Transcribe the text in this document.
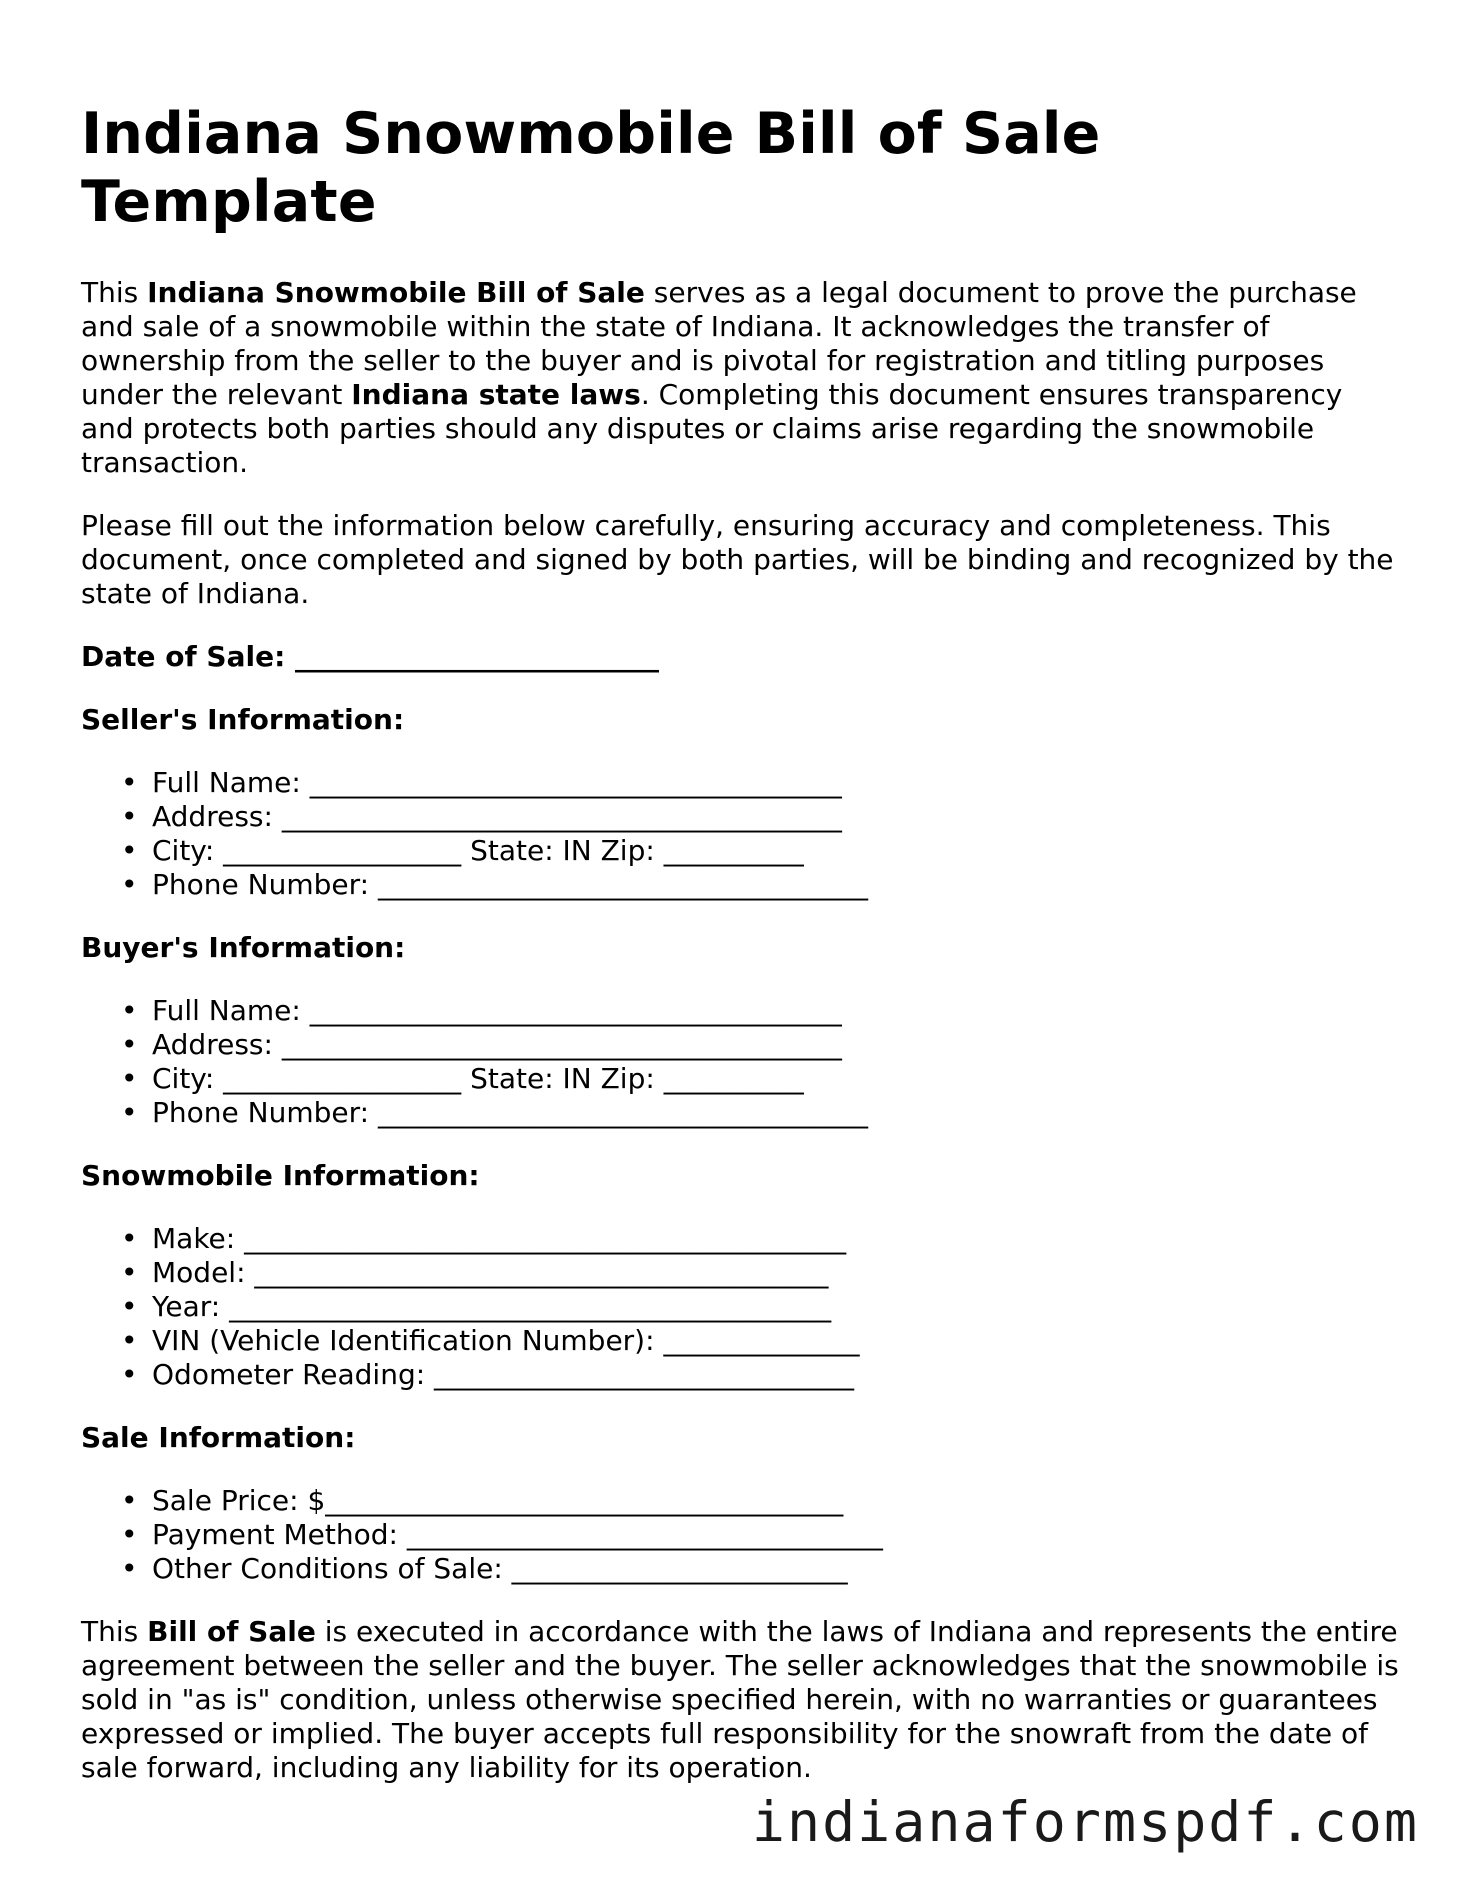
Indiana Snowmobile Bill of Sale Template

This Indiana Snowmobile Bill of Sale serves as a legal document to prove the purchase and sale of a snowmobile within the state of Indiana. It acknowledges the transfer of ownership from the seller to the buyer and is pivotal for registration and titling purposes under the relevant Indiana state laws. Completing this document ensures transparency and protects both parties should any disputes or claims arise regarding the snowmobile transaction.

Please fill out the information below carefully, ensuring accuracy and completeness. This document, once completed and signed by both parties, will be binding and recognized by the state of Indiana.

Date of Sale: __________________________
Seller's Information:
• Full Name: ______________________________________
• Address: ________________________________________
• City: _________________ State: IN Zip: __________
• Phone Number: ___________________________________
Buyer's Information:
• Full Name: ______________________________________
• Address: ________________________________________
• City: _________________ State: IN Zip: __________
• Phone Number: ___________________________________
Snowmobile Information:
• Make: ___________________________________________
• Model: _________________________________________
• Year: ___________________________________________
• VIN (Vehicle Identification Number): ______________
• Odometer Reading: ______________________________
Sale Information:
• Sale Price: $_____________________________________
• Payment Method: __________________________________
• Other Conditions of Sale: ________________________

This Bill of Sale is executed in accordance with the laws of Indiana and represents the entire agreement between the seller and the buyer. The seller acknowledges that the snowmobile is sold in "as is" condition, unless otherwise specified herein, with no warranties or guarantees expressed or implied. The buyer accepts full responsibility for the snowraft from the date of sale forward, including any liability for its operation.

indianaformspdf.com
